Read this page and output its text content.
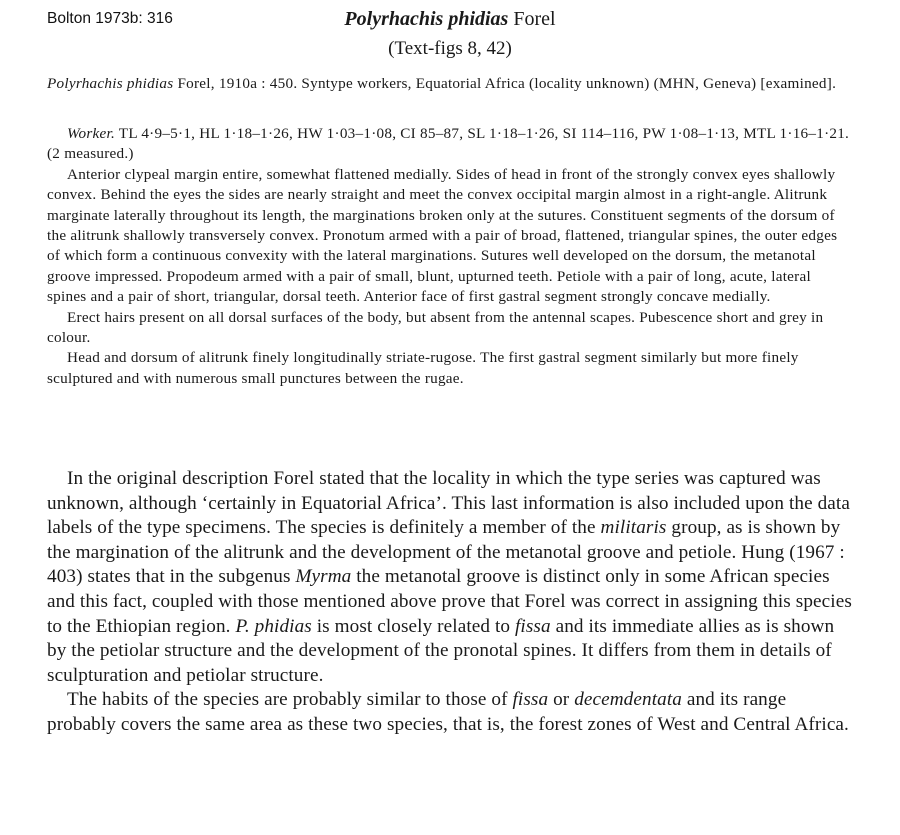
Bolton 1973b: 316	Polyrhachis phidias Forel
(Text-figs 8, 42)

Polyrhachis phidias Forel, 1910a : 450. Syntype workers, Equatorial Africa (locality unknown) (MHN, Geneva) [examined].

Worker. TL 4·9–5·1, HL 1·18–1·26, HW 1·03–1·08, CI 85–87, SL 1·18–1·26, SI 114–116, PW 1·08–1·13, MTL 1·16–1·21. (2 measured.)

Anterior clypeal margin entire, somewhat flattened medially. Sides of head in front of the strongly convex eyes shallowly convex. Behind the eyes the sides are nearly straight and meet the convex occipital margin almost in a right-angle. Alitrunk marginate laterally throughout its length, the marginations broken only at the sutures. Constituent segments of the dorsum of the alitrunk shallowly transversely convex. Pronotum armed with a pair of broad, flattened, triangular spines, the outer edges of which form a continuous convexity with the lateral marginations. Sutures well developed on the dorsum, the metanotal groove impressed. Propodeum armed with a pair of small, blunt, upturned teeth. Petiole with a pair of long, acute, lateral spines and a pair of short, triangular, dorsal teeth. Anterior face of first gastral segment strongly concave medially.

Erect hairs present on all dorsal surfaces of the body, but absent from the antennal scapes. Pubescence short and grey in colour.

Head and dorsum of alitrunk finely longitudinally striate-rugose. The first gastral segment similarly but more finely sculptured and with numerous small punctures between the rugae.

In the original description Forel stated that the locality in which the type series was captured was unknown, although ‘certainly in Equatorial Africa’. This last information is also included upon the data labels of the type specimens. The species is definitely a member of the militaris group, as is shown by the margination of the alitrunk and the development of the metanotal groove and petiole. Hung (1967 : 403) states that in the subgenus Myrma the metanotal groove is distinct only in some African species and this fact, coupled with those mentioned above prove that Forel was correct in assigning this species to the Ethiopian region. P. phidias is most closely related to fissa and its immediate allies as is shown by the petiolar structure and the development of the pronotal spines. It differs from them in details of sculpturation and petiolar structure.

The habits of the species are probably similar to those of fissa or decemdentata and its range probably covers the same area as these two species, that is, the forest zones of West and Central Africa.
